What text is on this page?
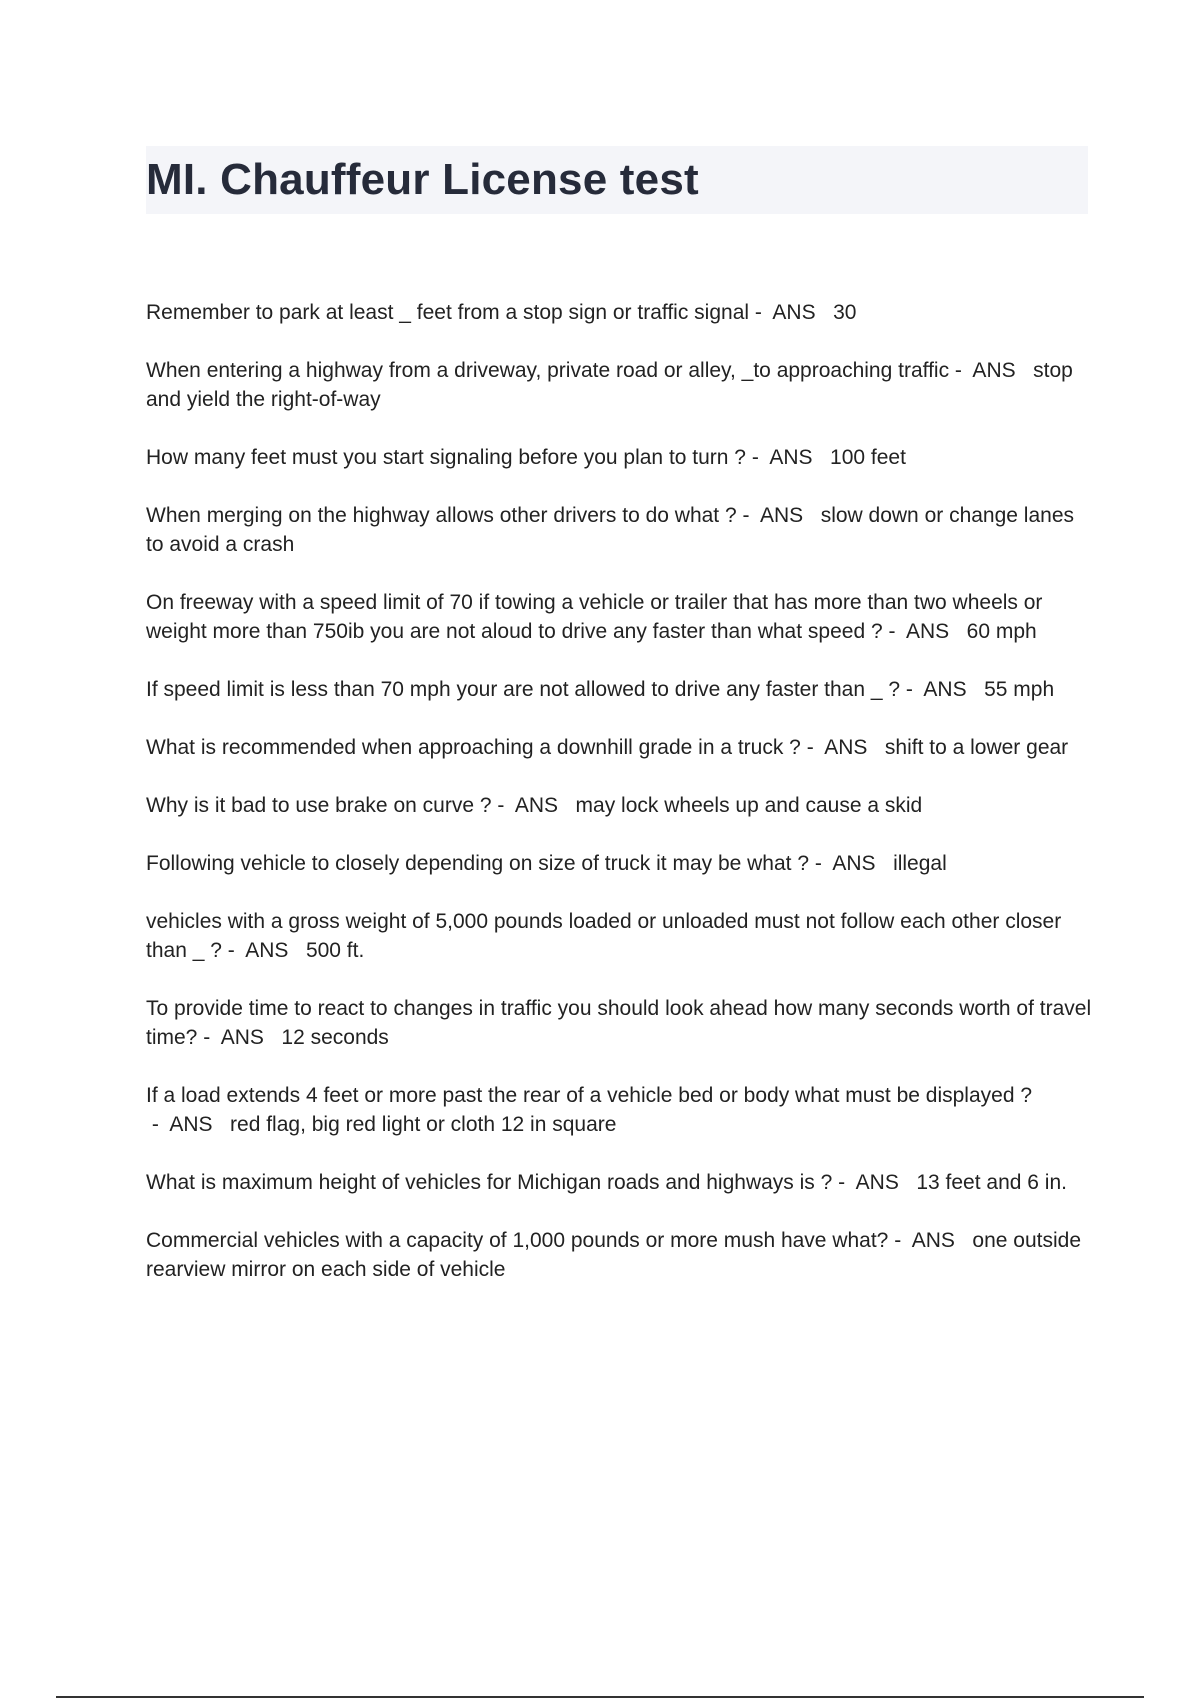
MI. Chauffeur License test
Remember to park at least _ feet from a stop sign or traffic signal -  ANS   30
When entering a highway from a driveway, private road or alley, _to approaching traffic -  ANS   stop and yield the right-of-way
How many feet must you start signaling before you plan to turn ? -  ANS   100 feet
When merging on the highway allows other drivers to do what ? -  ANS   slow down or change lanes to avoid a crash
On freeway with a speed limit of 70 if towing a vehicle or trailer that has more than two wheels or weight more than 750ib you are not aloud to drive any faster than what speed ? -  ANS   60 mph
If speed limit is less than 70 mph your are not allowed to drive any faster than _ ? -  ANS   55 mph
What is recommended when approaching a downhill grade in a truck ? -  ANS   shift to a lower gear
Why is it bad to use brake on curve ? -  ANS   may lock wheels up and cause a skid
Following vehicle to closely depending on size of truck it may be what ? -  ANS   illegal
vehicles with a gross weight of 5,000 pounds loaded or unloaded must not follow each other closer than _ ? -  ANS   500 ft.
To provide time to react to changes in traffic you should look ahead how many seconds worth of travel time? -  ANS   12 seconds
If a load extends 4 feet or more past the rear of a vehicle bed or body what must be displayed ? -  ANS   red flag, big red light or cloth 12 in square
What is maximum height of vehicles for Michigan roads and highways is ? -  ANS   13 feet and 6 in.
Commercial vehicles with a capacity of 1,000 pounds or more mush have what? -  ANS   one outside rearview mirror on each side of vehicle
